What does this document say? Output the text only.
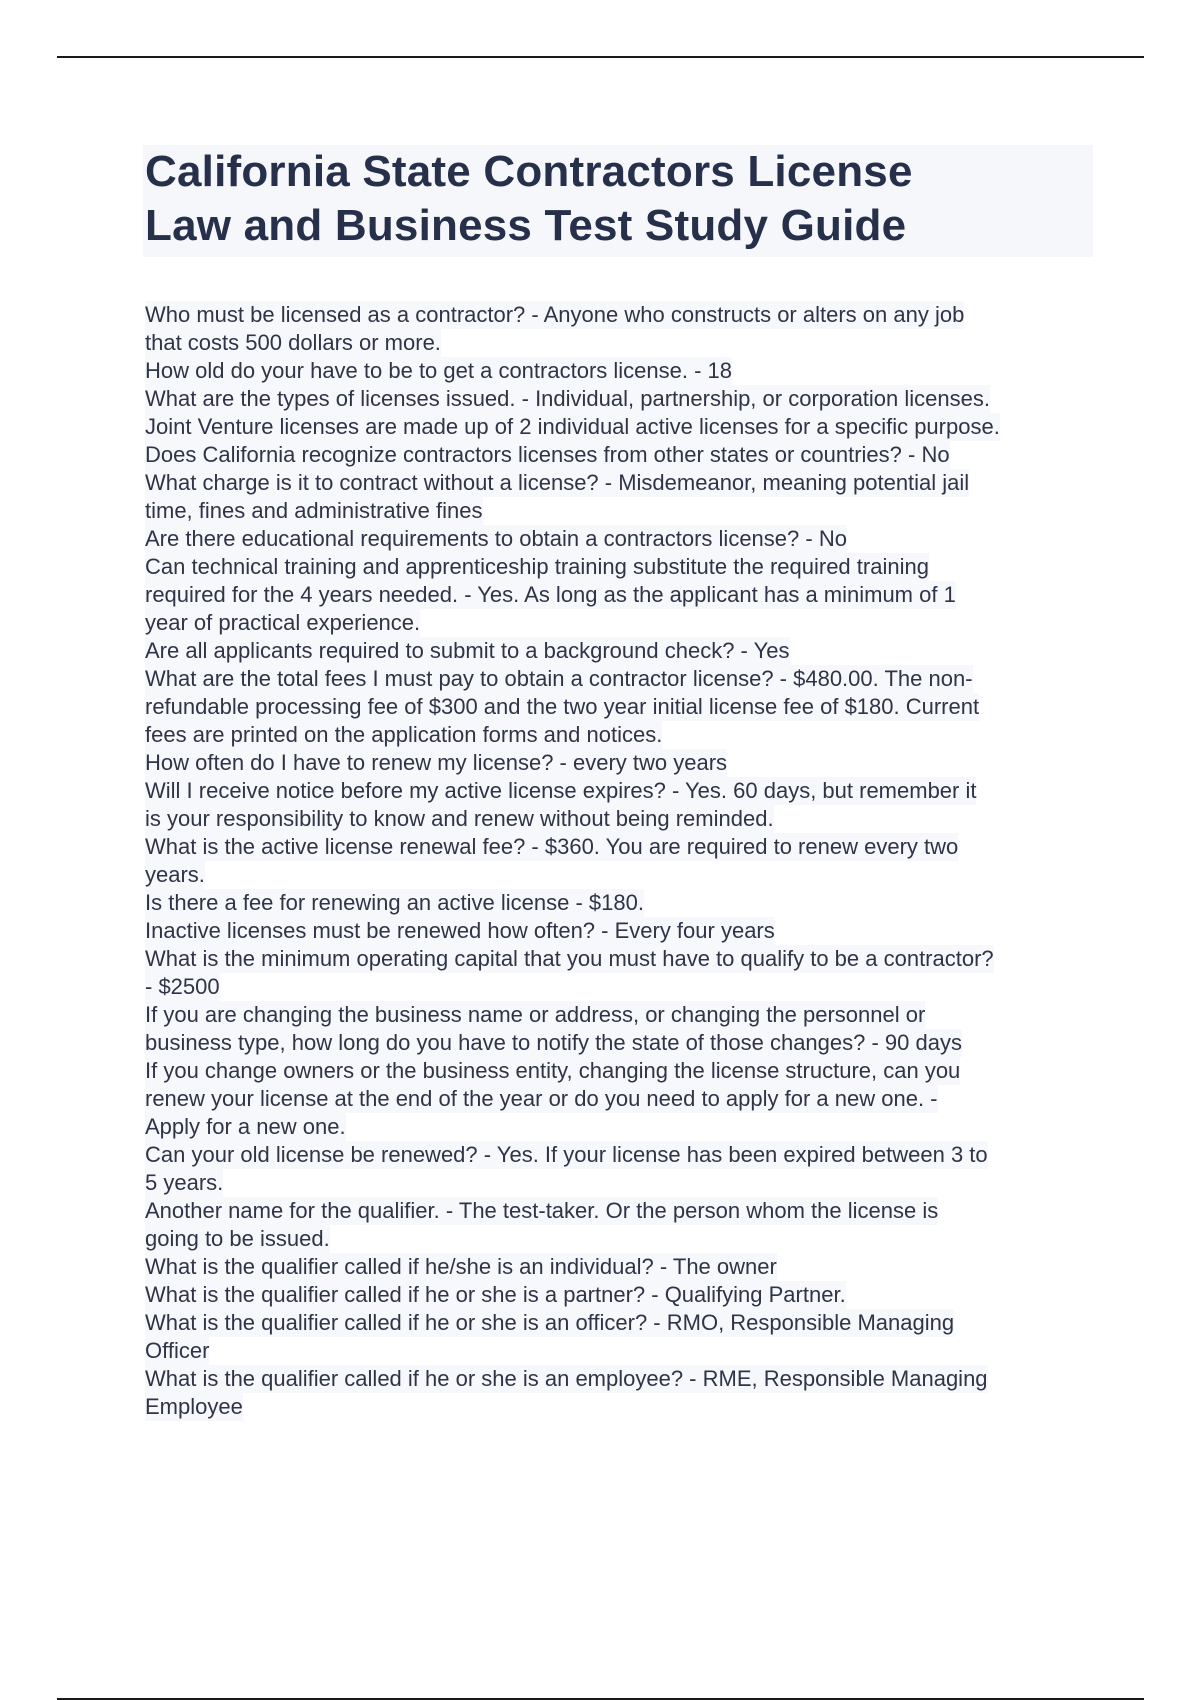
California State Contractors License
Law and Business Test Study Guide
Who must be licensed as a contractor? - Anyone who constructs or alters on any job
that costs 500 dollars or more.
How old do your have to be to get a contractors license. - 18
What are the types of licenses issued. - Individual, partnership, or corporation licenses.
Joint Venture licenses are made up of 2 individual active licenses for a specific purpose.
Does California recognize contractors licenses from other states or countries? - No
What charge is it to contract without a license? - Misdemeanor, meaning potential jail
time, fines and administrative fines
Are there educational requirements to obtain a contractors license? - No
Can technical training and apprenticeship training substitute the required training
required for the 4 years needed. - Yes. As long as the applicant has a minimum of 1
year of practical experience.
Are all applicants required to submit to a background check? - Yes
What are the total fees I must pay to obtain a contractor license? - $480.00. The non-
refundable processing fee of $300 and the two year initial license fee of $180. Current
fees are printed on the application forms and notices.
How often do I have to renew my license? - every two years
Will I receive notice before my active license expires? - Yes. 60 days, but remember it
is your responsibility to know and renew without being reminded.
What is the active license renewal fee? - $360. You are required to renew every two
years.
Is there a fee for renewing an active license - $180.
Inactive licenses must be renewed how often? - Every four years
What is the minimum operating capital that you must have to qualify to be a contractor?
- $2500
If you are changing the business name or address, or changing the personnel or
business type, how long do you have to notify the state of those changes? - 90 days
If you change owners or the business entity, changing the license structure, can you
renew your license at the end of the year or do you need to apply for a new one. -
Apply for a new one.
Can your old license be renewed? - Yes. If your license has been expired between 3 to
5 years.
Another name for the qualifier. - The test-taker. Or the person whom the license is
going to be issued.
What is the qualifier called if he/she is an individual? - The owner
What is the qualifier called if he or she is a partner? - Qualifying Partner.
What is the qualifier called if he or she is an officer? - RMO, Responsible Managing
Officer
What is the qualifier called if he or she is an employee? - RME, Responsible Managing
Employee
